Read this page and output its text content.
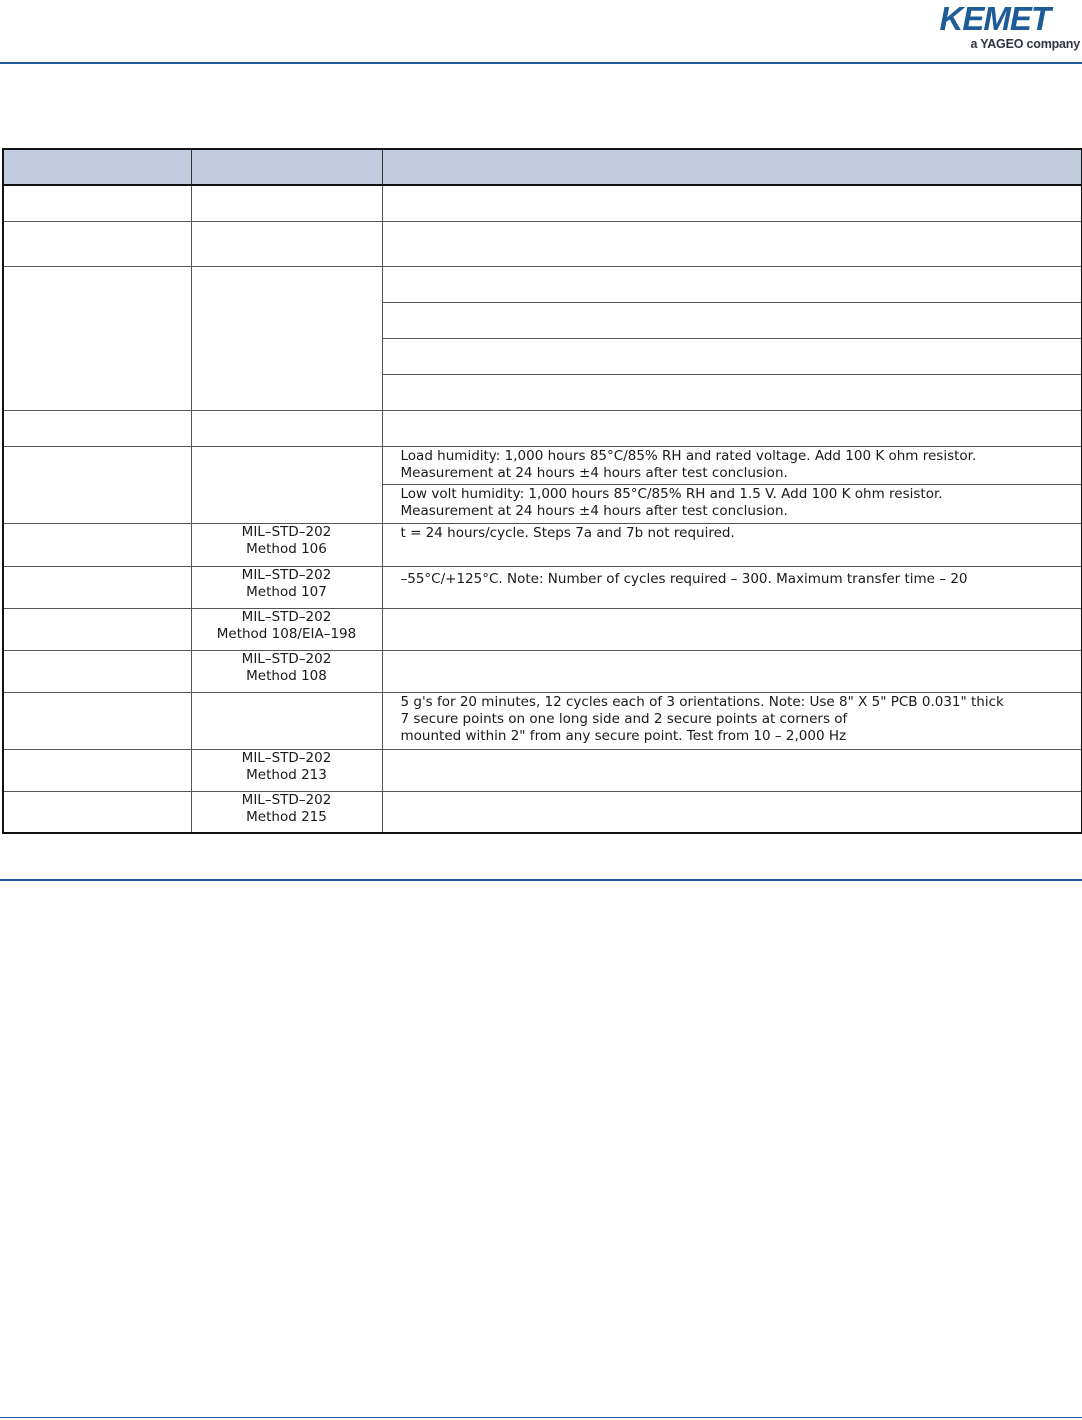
KEMET
a YAGEO company

		Load humidity: 1,000 hours 85°C/85% RH and rated voltage. Add 100 K ohm resistor.
Measurement at 24 hours ±4 hours after test conclusion.

		Low volt humidity: 1,000 hours 85°C/85% RH and 1.5 V. Add 100 K ohm resistor.
Measurement at 24 hours ±4 hours after test conclusion.

	MIL–STD–202
Method 106	t = 24 hours/cycle. Steps 7a and 7b not required.

	MIL–STD–202
Method 107	–55°C/+125°C. Note: Number of cycles required – 300. Maximum transfer time – 20

	MIL–STD–202
Method 108/EIA–198	

	MIL–STD–202
Method 108	

		5 g's for 20 minutes, 12 cycles each of 3 orientations. Note: Use 8" X 5" PCB 0.031" thick
7 secure points on one long side and 2 secure points at corners of
mounted within 2" from any secure point. Test from 10 – 2,000 Hz

	MIL–STD–202
Method 213	

	MIL–STD–202
Method 215	
